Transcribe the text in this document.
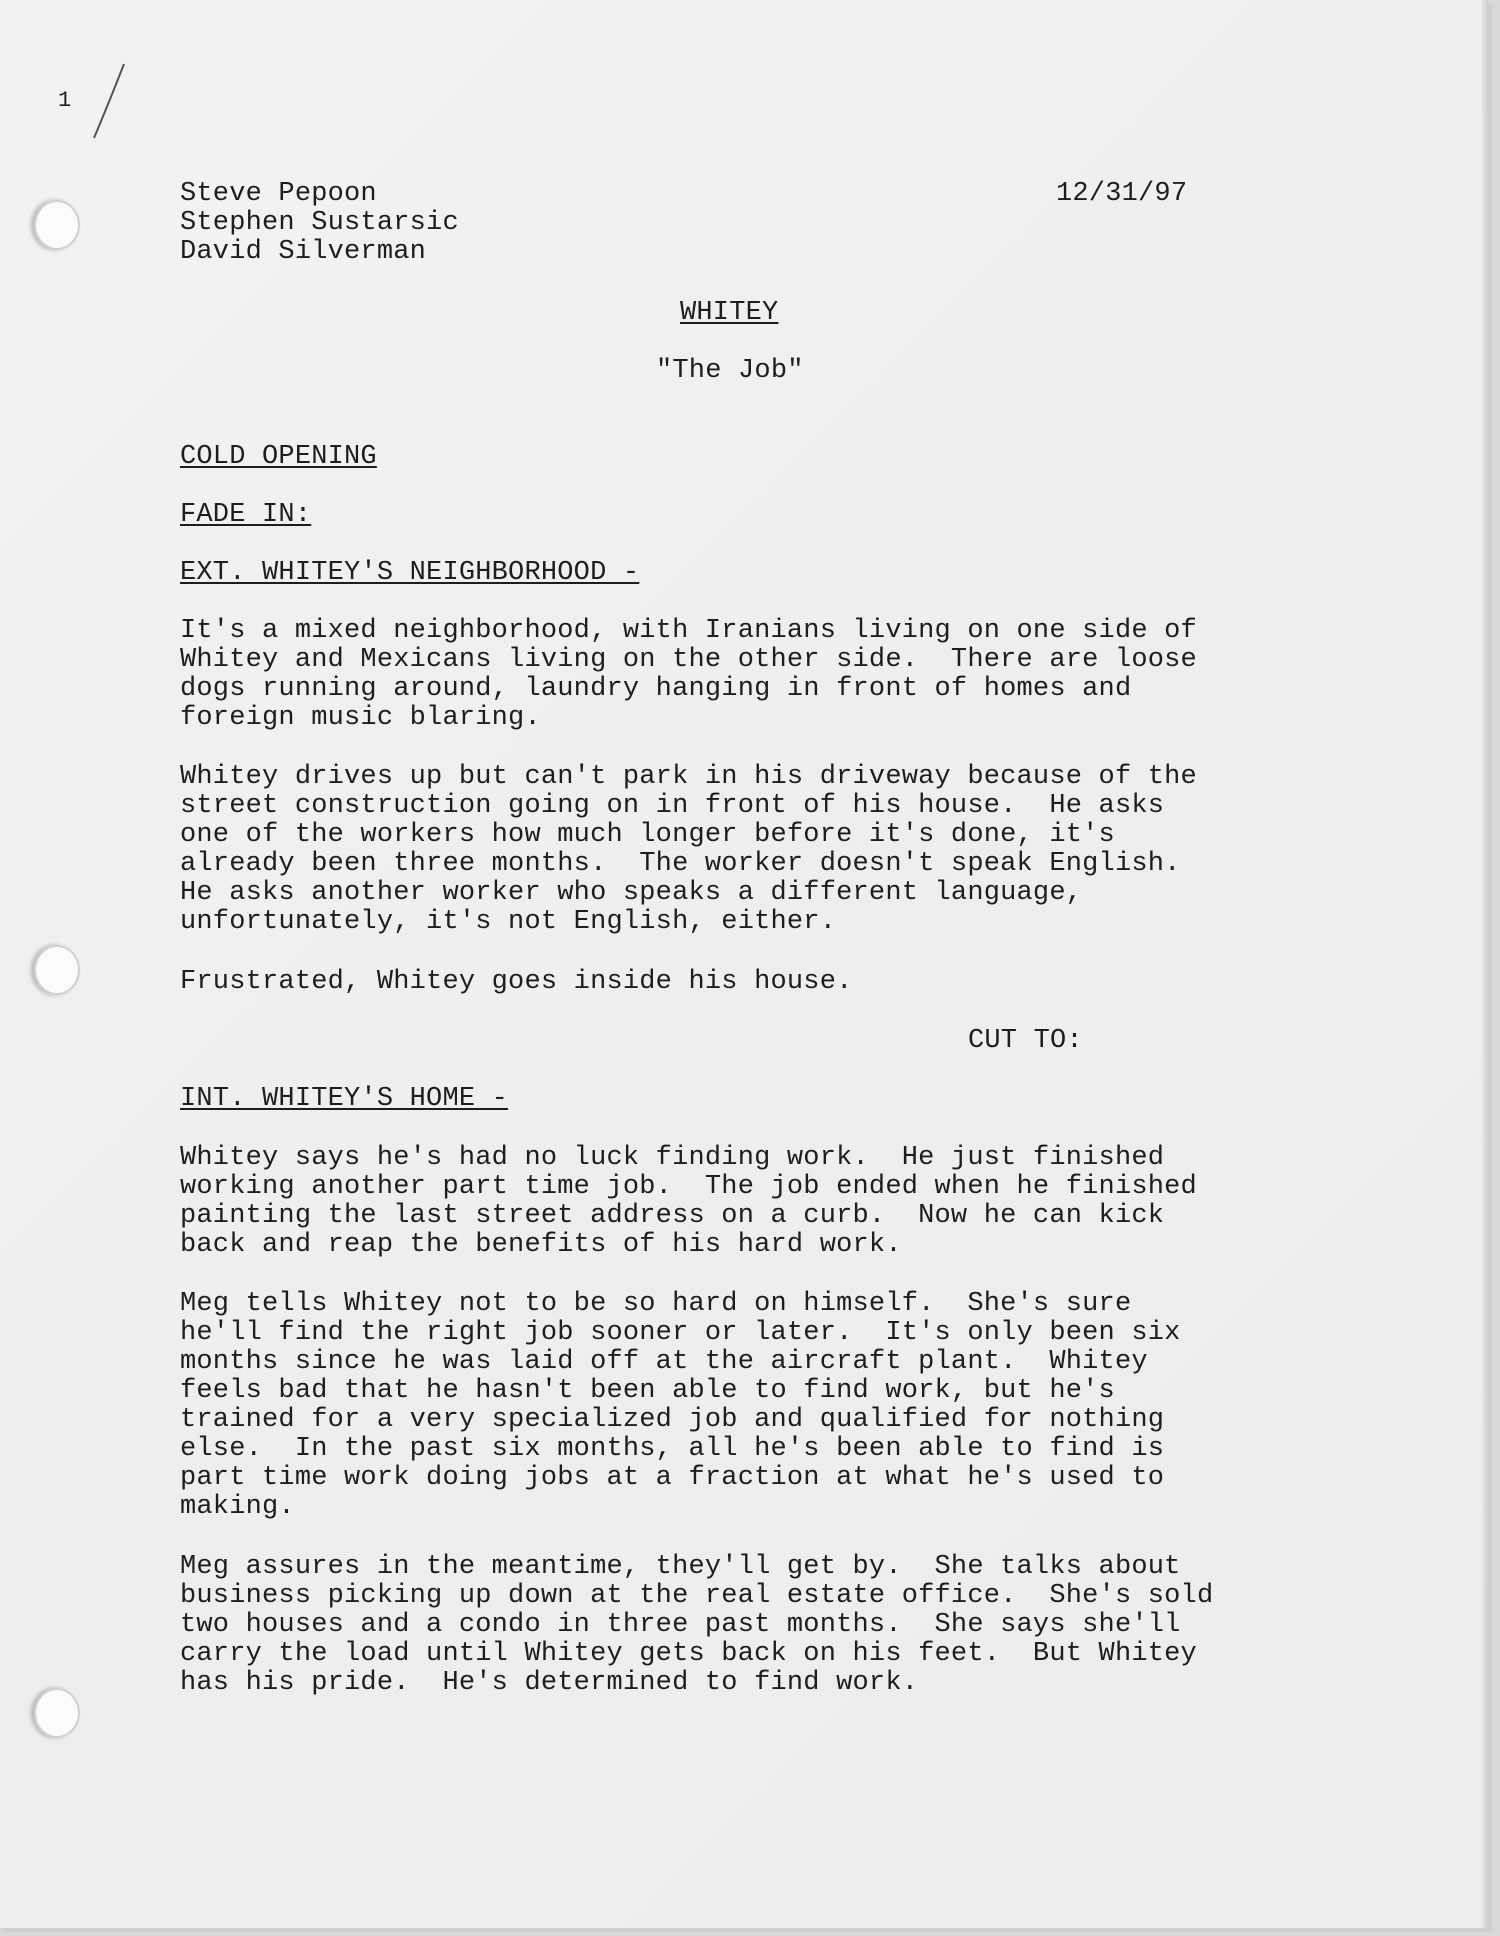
1
Steve Pepoon
Stephen Sustarsic
David Silverman
12/31/97
WHITEY
"The Job"
COLD OPENING
FADE IN:
EXT. WHITEY'S NEIGHBORHOOD -
It's a mixed neighborhood, with Iranians living on one side of
Whitey and Mexicans living on the other side.  There are loose
dogs running around, laundry hanging in front of homes and
foreign music blaring.
Whitey drives up but can't park in his driveway because of the
street construction going on in front of his house.  He asks
one of the workers how much longer before it's done, it's
already been three months.  The worker doesn't speak English.
He asks another worker who speaks a different language,
unfortunately, it's not English, either.
Frustrated, Whitey goes inside his house.
CUT TO:
INT. WHITEY'S HOME -
Whitey says he's had no luck finding work.  He just finished
working another part time job.  The job ended when he finished
painting the last street address on a curb.  Now he can kick
back and reap the benefits of his hard work.
Meg tells Whitey not to be so hard on himself.  She's sure
he'll find the right job sooner or later.  It's only been six
months since he was laid off at the aircraft plant.  Whitey
feels bad that he hasn't been able to find work, but he's
trained for a very specialized job and qualified for nothing
else.  In the past six months, all he's been able to find is
part time work doing jobs at a fraction at what he's used to
making.
Meg assures in the meantime, they'll get by.  She talks about
business picking up down at the real estate office.  She's sold
two houses and a condo in three past months.  She says she'll
carry the load until Whitey gets back on his feet.  But Whitey
has his pride.  He's determined to find work.
